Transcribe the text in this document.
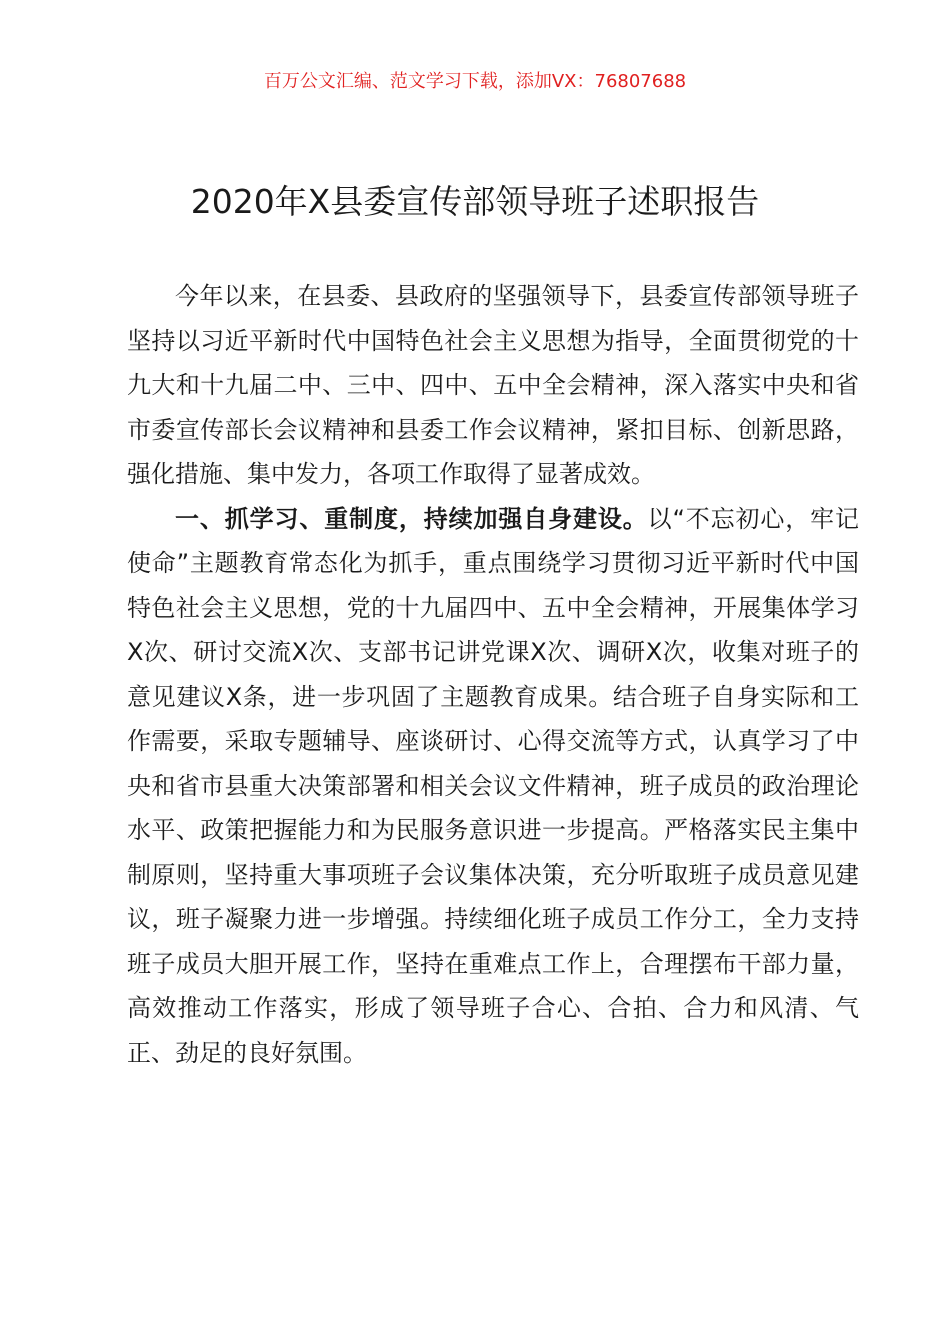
百万公文汇编、范文学习下载，添加VX：76807688
2020年X县委宣传部领导班子述职报告

今年以来，在县委、县政府的坚强领导下，县委宣传部领导班子坚持以习近平新时代中国特色社会主义思想为指导，全面贯彻党的十九大和十九届二中、三中、四中、五中全会精神，深入落实中央和省市委宣传部长会议精神和县委工作会议精神，紧扣目标、创新思路，强化措施、集中发力，各项工作取得了显著成效。

一、抓学习、重制度，持续加强自身建设。以“不忘初心，牢记使命”主题教育常态化为抓手，重点围绕学习贯彻习近平新时代中国特色社会主义思想，党的十九届四中、五中全会精神，开展集体学习X次、研讨交流X次、支部书记讲党课X次、调研X次，收集对班子的意见建议X条，进一步巩固了主题教育成果。结合班子自身实际和工作需要，采取专题辅导、座谈研讨、心得交流等方式，认真学习了中央和省市县重大决策部署和相关会议文件精神，班子成员的政治理论水平、政策把握能力和为民服务意识进一步提高。严格落实民主集中制原则，坚持重大事项班子会议集体决策，充分听取班子成员意见建议，班子凝聚力进一步增强。持续细化班子成员工作分工，全力支持班子成员大胆开展工作，坚持在重难点工作上，合理摆布干部力量，高效推动工作落实，形成了领导班子合心、合拍、合力和风清、气正、劲足的良好氛围。
